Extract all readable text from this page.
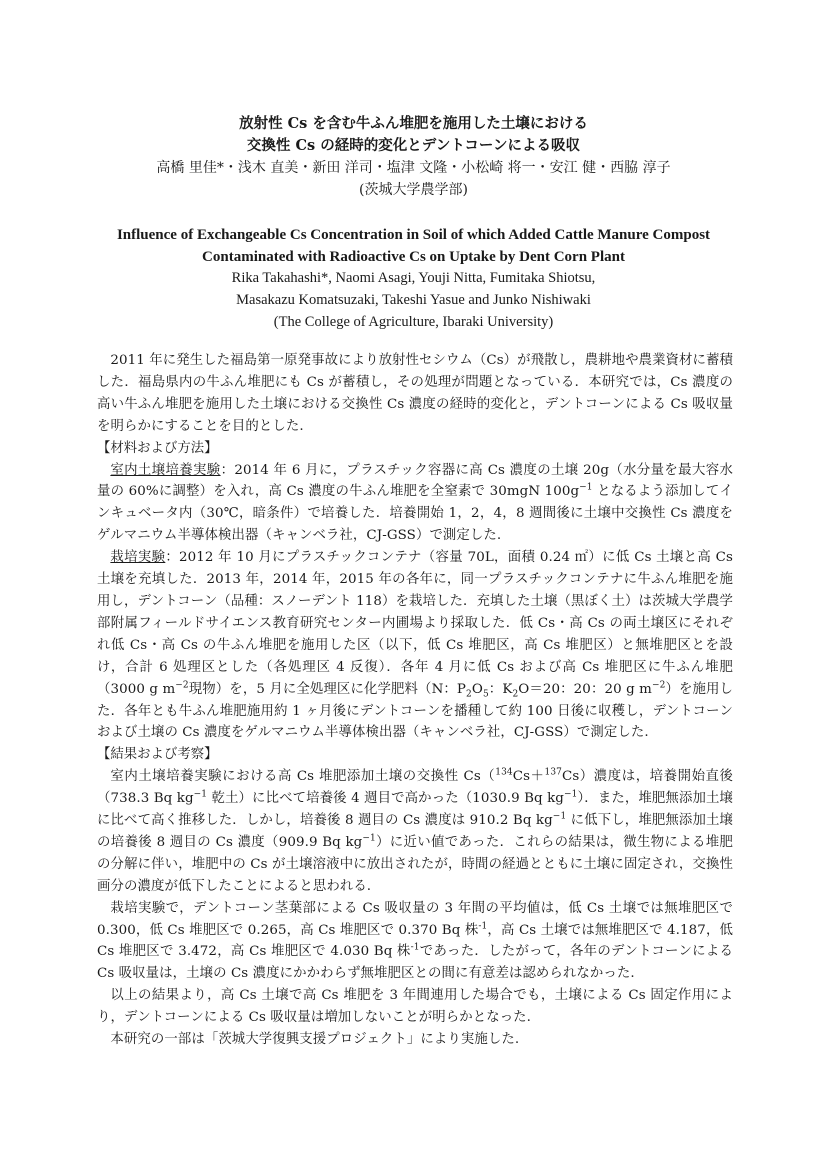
放射性 Cs を含む牛ふん堆肥を施用した土壌における
交換性 Cs の経時的変化とデントコーンによる吸収
高橋 里佳*・浅木 直美・新田 洋司・塩津 文隆・小松崎 将一・安江 健・西脇 淳子
(茨城大学農学部)
Influence of Exchangeable Cs Concentration in Soil of which Added Cattle Manure Compost
Contaminated with Radioactive Cs on Uptake by Dent Corn Plant
Rika Takahashi*, Naomi Asagi, Youji Nitta, Fumitaka Shiotsu,
Masakazu Komatsuzaki, Takeshi Yasue and Junko Nishiwaki
(The College of Agriculture, Ibaraki University)

2011 年に発生した福島第一原発事故により放射性セシウム（Cs）が飛散し，農耕地や農業資材に蓄積した．福島県内の牛ふん堆肥にも Cs が蓄積し，その処理が問題となっている．本研究では，Cs 濃度の高い牛ふん堆肥を施用した土壌における交換性 Cs 濃度の経時的変化と，デントコーンによる Cs 吸収量を明らかにすることを目的とした.

【材料および方法】

室内土壌培養実験：2014 年 6 月に，プラスチック容器に高 Cs 濃度の土壌 20g（水分量を最大容水量の 60%に調整）を入れ，高 Cs 濃度の牛ふん堆肥を全窒素で 30mgN $100g^{-1}$ となるよう添加してインキュベータ内（30℃，暗条件）で培養した．培養開始 1，2，4，8 週間後に土壌中交換性 Cs 濃度をゲルマニウム半導体検出器（キャンベラ社，CJ-GSS）で測定した.

栽培実験：2012 年 10 月にプラスチックコンテナ（容量 70L，面積 0.24 ㎡）に低 Cs 土壌と高 Cs 土壌を充填した．2013 年，2014 年，2015 年の各年に，同一プラスチックコンテナに牛ふん堆肥を施用し，デントコーン（品種：スノーデント 118）を栽培した．充填した土壌（黒ぼく土）は茨城大学農学部附属フィールドサイエンス教育研究センター内圃場より採取した．低 Cs・高 Cs の両土壌区にそれぞれ低 Cs・高 Cs の牛ふん堆肥を施用した区（以下，低 Cs 堆肥区，高 Cs 堆肥区）と無堆肥区とを設け，合計 6 処理区とした（各処理区 4 反復）．各年 4 月に低 Cs および高 Cs 堆肥区に牛ふん堆肥（3000 g $m^{-2}$現物）を，5 月に全処理区に化学肥料（N：$P_2O_5$：$K_2O=20$：20：20 g $m^{-2}$）を施用した．各年とも牛ふん堆肥施用約 1 ヶ月後にデントコーンを播種して約 100 日後に収穫し，デントコーンおよび土壌の Cs 濃度をゲルマニウム半導体検出器（キャンベラ社，CJ-GSS）で測定した.

【結果および考察】

室内土壌培養実験における高 Cs 堆肥添加土壌の交換性 Cs（$^{134}$Cs＋$^{137}$Cs）濃度は，培養開始直後（738.3 Bq $kg^{-1}$ 乾土）に比べて培養後 4 週目で高かった（1030.9 Bq $kg^{-1}$）．また，堆肥無添加土壌に比べて高く推移した．しかし，培養後 8 週目の Cs 濃度は 910.2 Bq $kg^{-1}$ に低下し，堆肥無添加土壌の培養後 8 週目の Cs 濃度（909.9 Bq $kg^{-1}$）に近い値であった．これらの結果は，微生物による堆肥の分解に伴い，堆肥中の Cs が土壌溶液中に放出されたが，時間の経過とともに土壌に固定され，交換性画分の濃度が低下したことによると思われる.

栽培実験で，デントコーン茎葉部による Cs 吸収量の 3 年間の平均値は，低 Cs 土壌では無堆肥区で 0.300，低 Cs 堆肥区で 0.265，高 Cs 堆肥区で 0.370 Bq 株$^{-1}$，高 Cs 土壌では無堆肥区で 4.187，低 Cs 堆肥区で 3.472，高 Cs 堆肥区で 4.030 Bq 株$^{-1}$であった．したがって，各年のデントコーンによる Cs 吸収量は，土壌の Cs 濃度にかかわらず無堆肥区との間に有意差は認められなかった.

以上の結果より，高 Cs 土壌で高 Cs 堆肥を 3 年間連用した場合でも，土壌による Cs 固定作用により，デントコーンによる Cs 吸収量は増加しないことが明らかとなった.

本研究の一部は「茨城大学復興支援プロジェクト」により実施した.
